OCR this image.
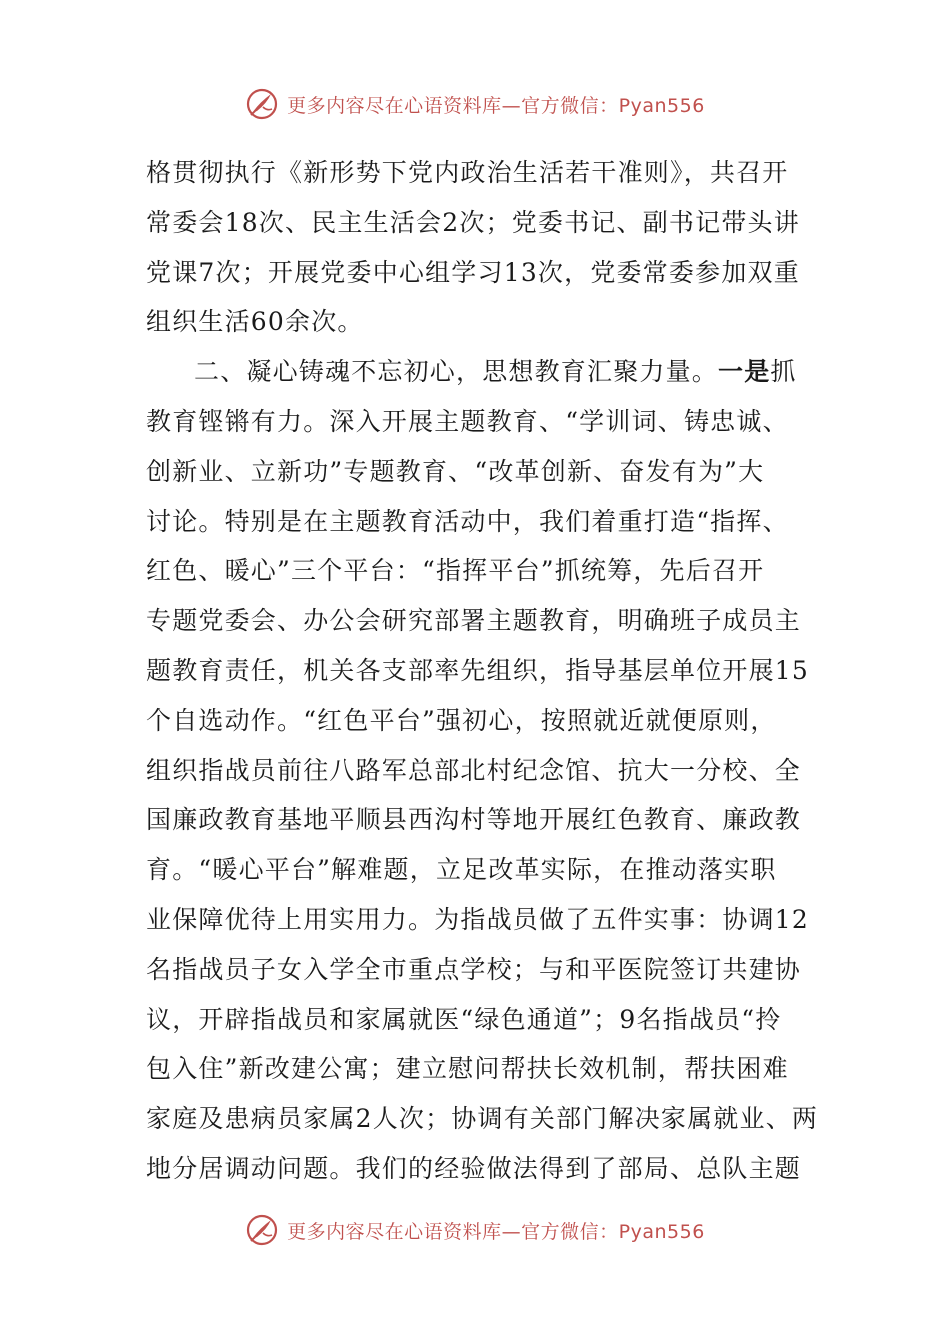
更多内容尽在心语资料库—官方微信：Pyan556
格贯彻执行《新形势下党内政治生活若干准则》，共召开
常委会18次、民主生活会2次；党委书记、副书记带头讲
党课7次；开展党委中心组学习13次，党委常委参加双重
组织生活60余次。
二、凝心铸魂不忘初心，思想教育汇聚力量。一是抓
教育铿锵有力。深入开展主题教育、“学训词、铸忠诚、
创新业、立新功”专题教育、“改革创新、奋发有为”大
讨论。特别是在主题教育活动中，我们着重打造“指挥、
红色、暖心”三个平台：“指挥平台”抓统筹，先后召开
专题党委会、办公会研究部署主题教育，明确班子成员主
题教育责任，机关各支部率先组织，指导基层单位开展15
个自选动作。“红色平台”强初心，按照就近就便原则，
组织指战员前往八路军总部北村纪念馆、抗大一分校、全
国廉政教育基地平顺县西沟村等地开展红色教育、廉政教
育。“暖心平台”解难题，立足改革实际，在推动落实职
业保障优待上用实用力。为指战员做了五件实事：协调12
名指战员子女入学全市重点学校；与和平医院签订共建协
议，开辟指战员和家属就医“绿色通道”；9名指战员“拎
包入住”新改建公寓；建立慰问帮扶长效机制，帮扶困难
家庭及患病员家属2人次；协调有关部门解决家属就业、两
地分居调动问题。我们的经验做法得到了部局、总队主题
更多内容尽在心语资料库—官方微信：Pyan556
